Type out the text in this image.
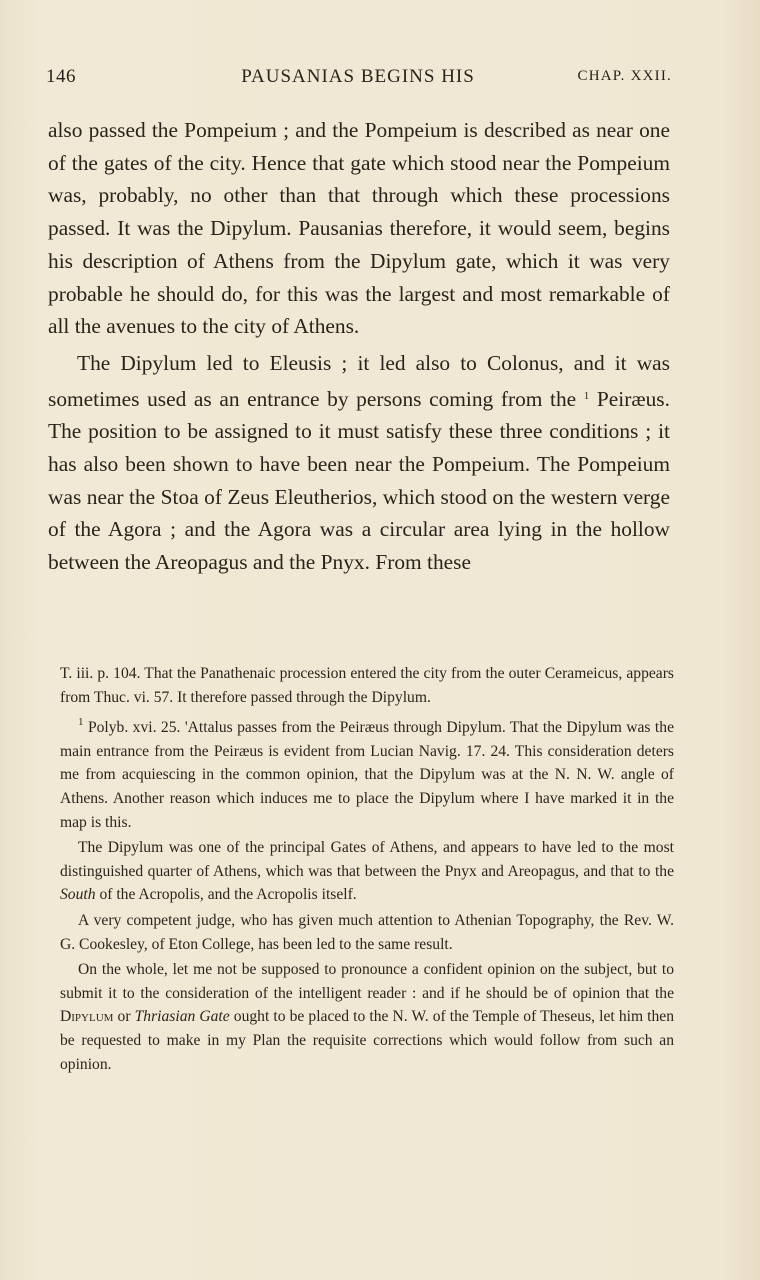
146	PAUSANIAS BEGINS HIS	CHAP. XXII.

also passed the Pompeium ; and the Pompeium is described as near one of the gates of the city. Hence that gate which stood near the Pompeium was, probably, no other than that through which these processions passed. It was the Dipylum. Pausanias therefore, it would seem, begins his description of Athens from the Dipylum gate, which it was very probable he should do, for this was the largest and most remarkable of all the avenues to the city of Athens.

The Dipylum led to Eleusis ; it led also to Colonus, and it was sometimes used as an entrance by persons coming from the $^1$ Peiræus. The position to be assigned to it must satisfy these three conditions ; it has also been shown to have been near the Pompeium. The Pompeium was near the Stoa of Zeus Eleutherios, which stood on the western verge of the Agora ; and the Agora was a circular area lying in the hollow between the Areopagus and the Pnyx. From these

T. iii. p. 104. That the Panathenaic procession entered the city from the outer Cerameicus, appears from Thuc. vi. 57. It therefore passed through the Dipylum.

$^1$ Polyb. xvi. 25. 'Attalus passes from the Peiræus through Dipylum. That the Dipylum was the main entrance from the Peiræus is evident from Lucian Navig. 17. 24. This consideration deters me from acquiescing in the common opinion, that the Dipylum was at the N. N. W. angle of Athens. Another reason which induces me to place the Dipylum where I have marked it in the map is this.

The Dipylum was one of the principal Gates of Athens, and appears to have led to the most distinguished quarter of Athens, which was that between the Pnyx and Areopagus, and that to the South of the Acropolis, and the Acropolis itself.

A very competent judge, who has given much attention to Athenian Topography, the Rev. W. G. Cookesley, of Eton College, has been led to the same result.

On the whole, let me not be supposed to pronounce a confident opinion on the subject, but to submit it to the consideration of the intelligent reader : and if he should be of opinion that the Dipylum or Thriasian Gate ought to be placed to the N. W. of the Temple of Theseus, let him then be requested to make in my Plan the requisite corrections which would follow from such an opinion.
